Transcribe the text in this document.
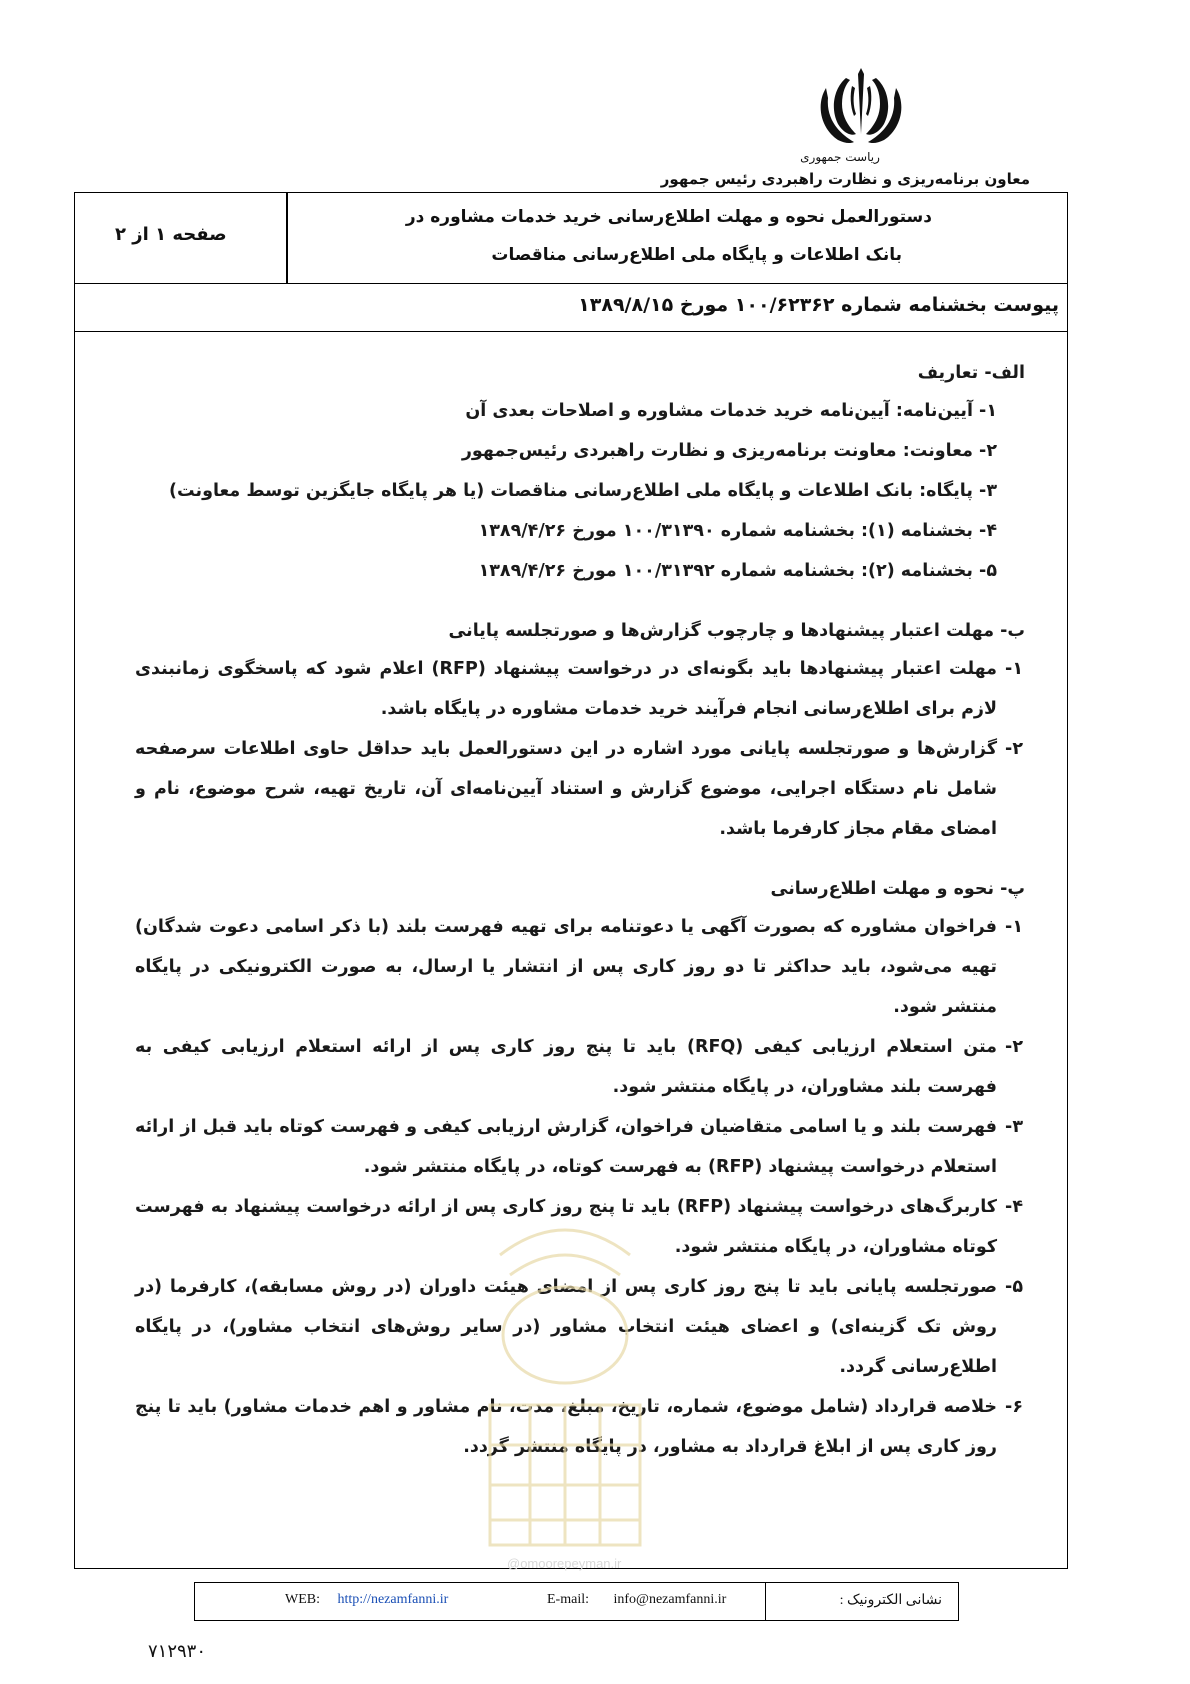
ریاست جمهوری
معاون برنامه‌ریزی و نظارت راهبردی رئیس جمهور
دستورالعمل نحوه و مهلت اطلاع‌رسانی خرید خدمات مشاوره در
بانک اطلاعات و پایگاه ملی اطلاع‌رسانی مناقصات
صفحه ۱ از ۲
پیوست بخشنامه شماره ۱۰۰/۶۲۳۶۲ مورخ ۱۳۸۹/۸/۱۵
الف- تعاریف
۱- آیین‌نامه: آیین‌نامه خرید خدمات مشاوره و اصلاحات بعدی آن
۲- معاونت: معاونت برنامه‌ریزی و نظارت راهبردی رئیس‌جمهور
۳- پایگاه: بانک اطلاعات و پایگاه ملی اطلاع‌رسانی مناقصات (یا هر پایگاه جایگزین توسط معاونت)
۴- بخشنامه (۱): بخشنامه شماره ۱۰۰/۳۱۳۹۰ مورخ ۱۳۸۹/۴/۲۶
۵- بخشنامه (۲): بخشنامه شماره ۱۰۰/۳۱۳۹۲ مورخ ۱۳۸۹/۴/۲۶
ب- مهلت اعتبار پیشنهادها و چارچوب گزارش‌ها و صورتجلسه پایانی
۱-
مهلت اعتبار پیشنهادها باید بگونه‌ای در درخواست پیشنهاد (RFP) اعلام شود که پاسخگوی زمانبندی لازم برای اطلاع‌رسانی انجام فرآیند خرید خدمات مشاوره در پایگاه باشد.
۲-
گزارش‌ها و صورتجلسه پایانی مورد اشاره در این دستورالعمل باید حداقل حاوی اطلاعات سرصفحه شامل نام دستگاه اجرایی، موضوع گزارش و استناد آیین‌نامه‌ای آن، تاریخ تهیه، شرح موضوع، نام و امضای مقام مجاز کارفرما باشد.
پ- نحوه و مهلت اطلاع‌رسانی
۱-
فراخوان مشاوره که بصورت آگهی یا دعوتنامه برای تهیه فهرست بلند (با ذکر اسامی دعوت شدگان) تهیه می‌شود، باید حداکثر تا دو روز کاری پس از انتشار یا ارسال، به صورت الکترونیکی در پایگاه منتشر شود.
۲-
متن استعلام ارزیابی کیفی (RFQ) باید تا پنج روز کاری پس از ارائه استعلام ارزیابی کیفی به فهرست بلند مشاوران، در پایگاه منتشر شود.
۳-
فهرست بلند و یا اسامی متقاضیان فراخوان، گزارش ارزیابی کیفی و فهرست کوتاه باید قبل از ارائه استعلام درخواست پیشنهاد (RFP) به فهرست کوتاه، در پایگاه منتشر شود.
۴-
کاربرگ‌های درخواست پیشنهاد (RFP) باید تا پنج روز کاری پس از ارائه درخواست پیشنهاد به فهرست کوتاه مشاوران، در پایگاه منتشر شود.
۵-
صورتجلسه پایانی باید تا پنج روز کاری پس از امضای هیئت داوران (در روش مسابقه)، کارفرما (در روش تک گزینه‌ای) و اعضای هیئت انتخاب مشاور (در سایر روش‌های انتخاب مشاور)، در پایگاه اطلاع‌رسانی گردد.
۶-
خلاصه قرارداد (شامل موضوع، شماره، تاریخ، مبلغ، مدت، نام مشاور و اهم خدمات مشاور) باید تا پنج روز کاری پس از ابلاغ قرارداد به مشاور، در پایگاه منتشر گردد.
@omoorepeyman.ir
نشانی الکترونیک :
E-mail: info@nezamfanni.ir
WEB: http://nezamfanni.ir
۷۱۲۹۳۰
